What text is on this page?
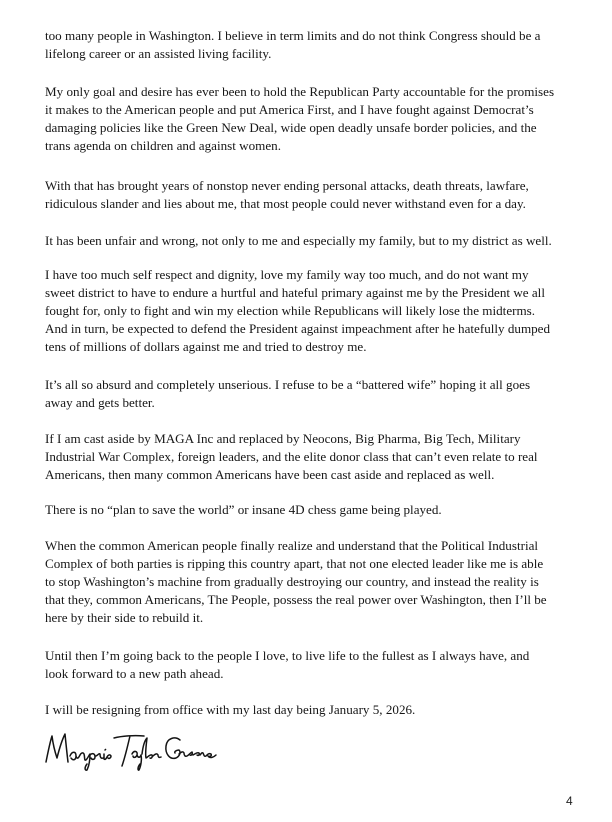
too many people in Washington. I believe in term limits and do not think Congress should be a
lifelong career or an assisted living facility.

My only goal and desire has ever been to hold the Republican Party accountable for the promises
it makes to the American people and put America First, and I have fought against Democrat’s
damaging policies like the Green New Deal, wide open deadly unsafe border policies, and the
trans agenda on children and against women.

With that has brought years of nonstop never ending personal attacks, death threats, lawfare,
ridiculous slander and lies about me, that most people could never withstand even for a day.

It has been unfair and wrong, not only to me and especially my family, but to my district as well.

I have too much self respect and dignity, love my family way too much, and do not want my
sweet district to have to endure a hurtful and hateful primary against me by the President we all
fought for, only to fight and win my election while Republicans will likely lose the midterms.
And in turn, be expected to defend the President against impeachment after he hatefully dumped
tens of millions of dollars against me and tried to destroy me.

It’s all so absurd and completely unserious. I refuse to be a “battered wife” hoping it all goes
away and gets better.

If I am cast aside by MAGA Inc and replaced by Neocons, Big Pharma, Big Tech, Military
Industrial War Complex, foreign leaders, and the elite donor class that can’t even relate to real
Americans, then many common Americans have been cast aside and replaced as well.

There is no “plan to save the world” or insane 4D chess game being played.

When the common American people finally realize and understand that the Political Industrial
Complex of both parties is ripping this country apart, that not one elected leader like me is able
to stop Washington’s machine from gradually destroying our country, and instead the reality is
that they, common Americans, The People, possess the real power over Washington, then I’ll be
here by their side to rebuild it.

Until then I’m going back to the people I love, to live life to the fullest as I always have, and
look forward to a new path ahead.

I will be resigning from office with my last day being January 5, 2026.

4
